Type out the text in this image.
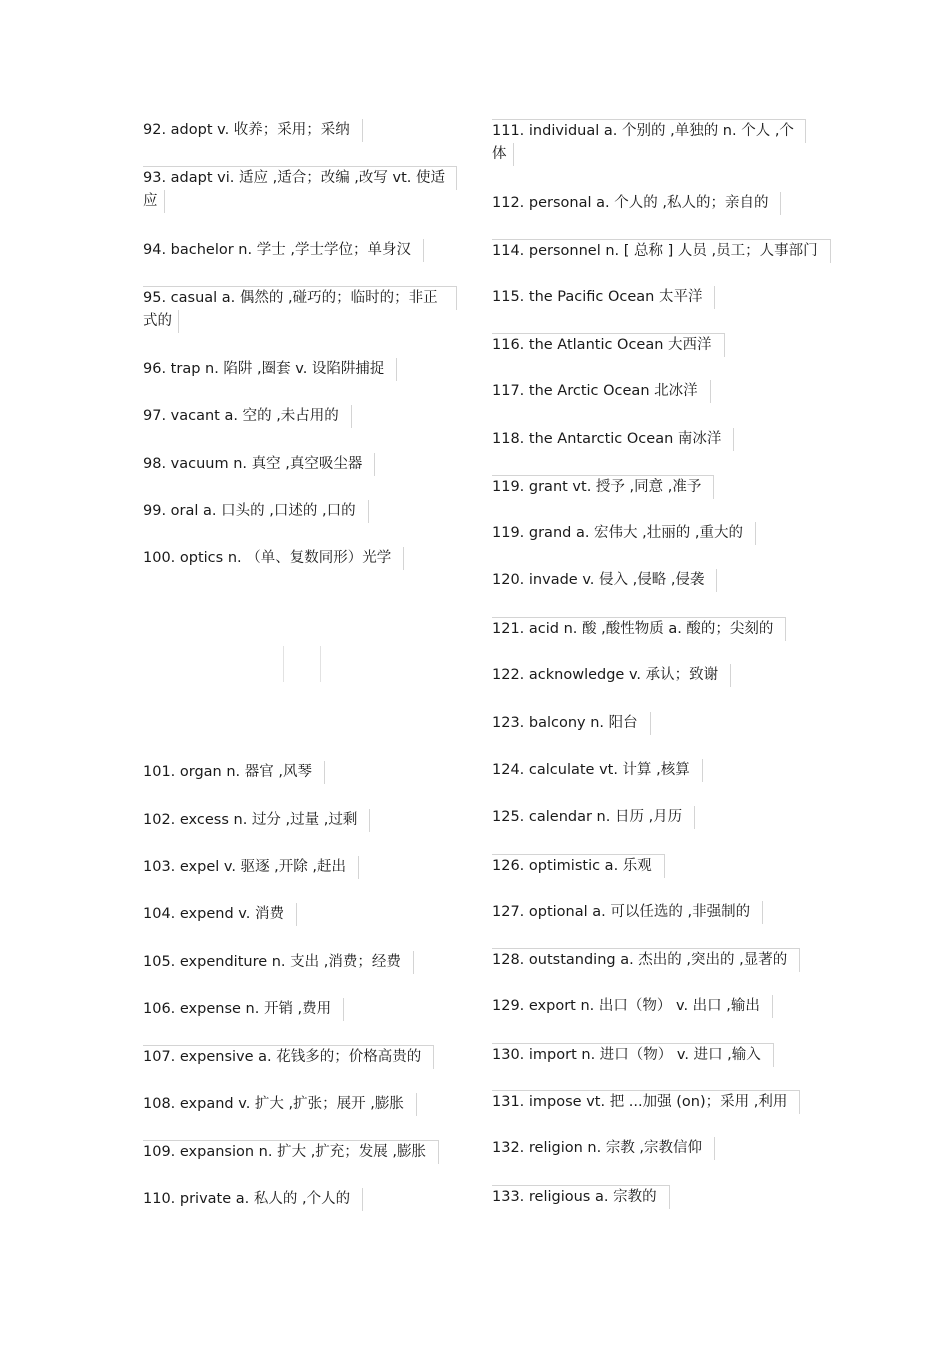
92. adopt v. 收养；采用；采纳
93. adapt vi. 适应 ,适合；改编 ,改写 vt. 使适
应
94. bachelor n. 学士 ,学士学位；单身汉
95. casual a. 偶然的 ,碰巧的；临时的；非正
式的
96. trap n. 陷阱 ,圈套 v. 设陷阱捕捉
97. vacant a. 空的 ,未占用的
98. vacuum n. 真空 ,真空吸尘器
99. oral a. 口头的 ,口述的 ,口的
100. optics n. （单、复数同形）光学
101. organ n. 器官 ,风琴
102. excess n. 过分 ,过量 ,过剩
103. expel v. 驱逐 ,开除 ,赶出
104. expend v. 消费
105. expenditure n. 支出 ,消费；经费
106. expense n. 开销 ,费用
107. expensive a. 花钱多的；价格高贵的
108. expand v. 扩大 ,扩张；展开 ,膨胀
109. expansion n. 扩大 ,扩充；发展 ,膨胀
110. private a. 私人的 ,个人的
111. individual a. 个别的 ,单独的 n. 个人 ,个
体
112. personal a. 个人的 ,私人的；亲自的
114. personnel n. [ 总称 ] 人员 ,员工；人事部门
115. the Pacific Ocean 太平洋
116. the Atlantic Ocean 大西洋
117. the Arctic Ocean 北冰洋
118. the Antarctic Ocean 南冰洋
119. grant vt. 授予 ,同意 ,准予
119. grand a. 宏伟大 ,壮丽的 ,重大的
120. invade v. 侵入 ,侵略 ,侵袭
121. acid n. 酸 ,酸性物质 a. 酸的；尖刻的
122. acknowledge v. 承认；致谢
123. balcony n. 阳台
124. calculate vt. 计算 ,核算
125. calendar n. 日历 ,月历
126. optimistic a. 乐观
127. optional a. 可以任选的 ,非强制的
128. outstanding a. 杰出的 ,突出的 ,显著的
129. export n. 出口（物） v. 出口 ,输出
130. import n. 进口（物） v. 进口 ,输入
131. impose vt. 把 ...加强 (on)；采用 ,利用
132. religion n. 宗教 ,宗教信仰
133. religious a. 宗教的
